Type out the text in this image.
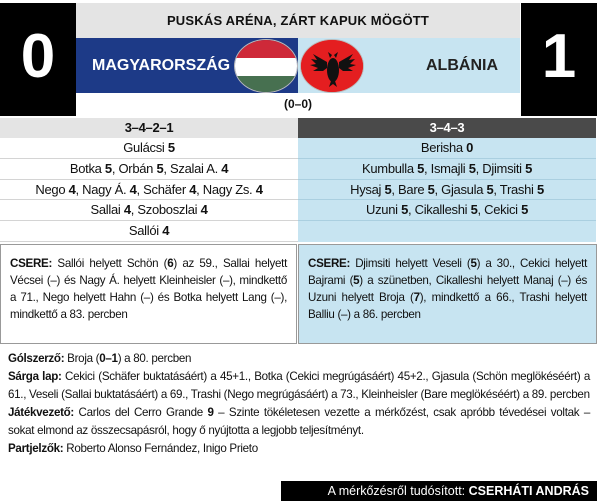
0
PUSKÁS ARÉNA, ZÁRT KAPUK MÖGÖTT
MAGYARORSZÁG	ALBÁNIA
(0–0)
1
3–4–2–1
Gulácsi 5
Botka 5, Orbán 5, Szalai A. 4
Nego 4, Nagy Á. 4, Schäfer 4, Nagy Zs. 4
Sallai 4, Szoboszlai 4
Sallói 4
3–4–3
Berisha 0
Kumbulla 5, Ismajli 5, Djimsiti 5
Hysaj 5, Bare 5, Gjasula 5, Trashi 5
Uzuni 5, Cikalleshi 5, Cekici 5
CSERE: Sallói helyett Schön (6) az 59., Sallai helyett Vécsei (–) és Nagy Á. helyett Kleinheisler (–), mindkettő a 71., Nego helyett Hahn (–) és Botka helyett Lang (–), mindkettő a 83. percben
CSERE: Djimsiti helyett Veseli (5) a 30., Cekici helyett Bajrami (5) a szünetben, Cikalleshi helyett Manaj (–) és Uzuni helyett Broja (7), mindkettő a 66., Trashi helyett Balliu (–) a 86. percben

Gólszerző: Broja (0–1) a 80. percben

Sárga lap: Cekici (Schäfer buktatásáért) a 45+1., Botka (Cekici megrúgásáért) 45+2., Gjasula (Schön meglökéséért) a 61., Veseli (Sallai buktatásáért) a 69., Trashi (Nego megrúgásáért) a 73., Kleinheisler (Bare meglökéséért) a 89. percben

Játékvezető: Carlos del Cerro Grande 9 – Szinte tökéletesen vezette a mérkőzést, csak apróbb tévedései voltak – sokat elmond az összecsapásról, hogy ő nyújtotta a legjobb teljesítményt.

Partjelzők: Roberto Alonso Fernández, Inigo Prieto

A mérkőzésről tudósított: CSERHÁTI ANDRÁS
